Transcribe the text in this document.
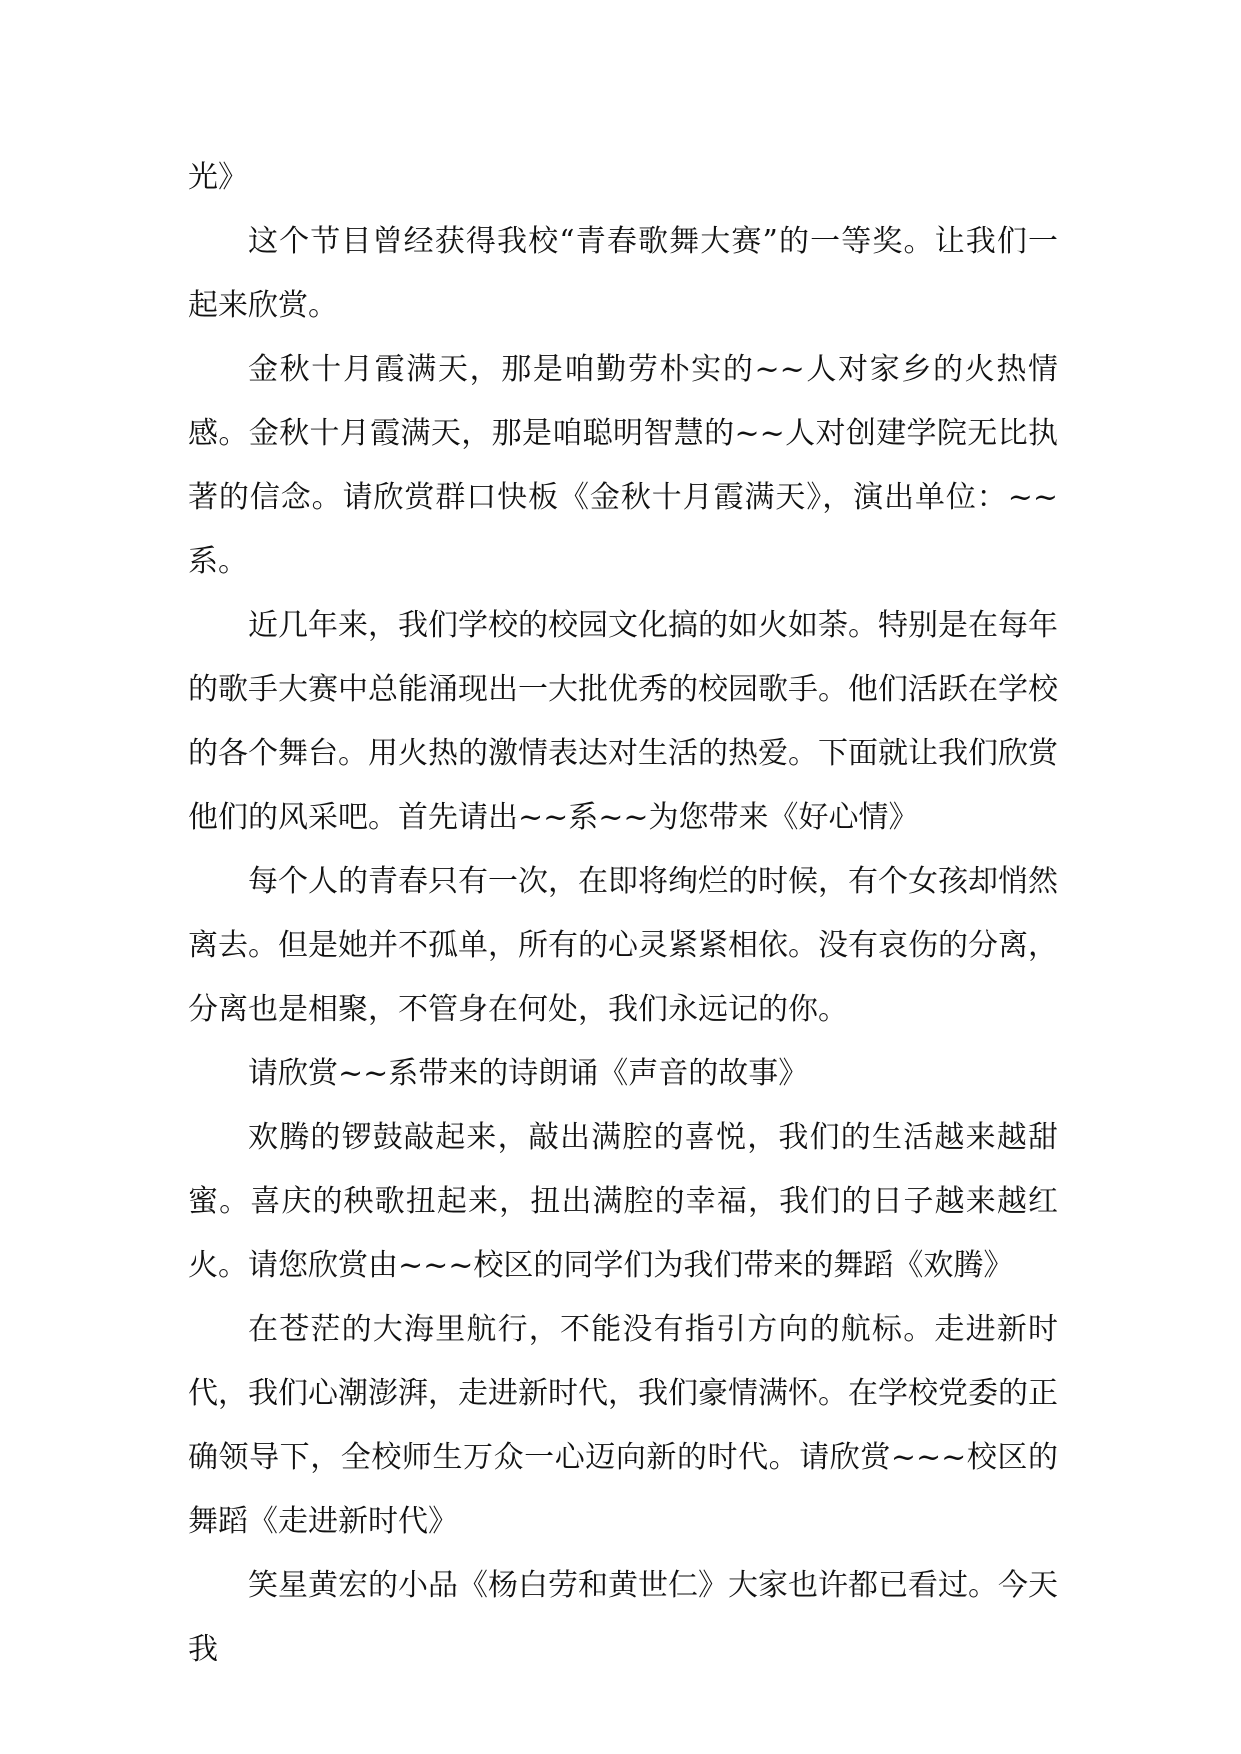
光》

这个节目曾经获得我校“青春歌舞大赛”的一等奖。让我们一起来欣赏。

金秋十月霞满天，那是咱勤劳朴实的~~人对家乡的火热情感。金秋十月霞满天，那是咱聪明智慧的~~人对创建学院无比执著的信念。请欣赏群口快板《金秋十月霞满天》，演出单位：~~系。

近几年来，我们学校的校园文化搞的如火如荼。特别是在每年的歌手大赛中总能涌现出一大批优秀的校园歌手。他们活跃在学校的各个舞台。用火热的激情表达对生活的热爱。下面就让我们欣赏他们的风采吧。首先请出~~系~~为您带来《好心情》

每个人的青春只有一次，在即将绚烂的时候，有个女孩却悄然离去。但是她并不孤单，所有的心灵紧紧相依。没有哀伤的分离，分离也是相聚，不管身在何处，我们永远记的你。

请欣赏~~系带来的诗朗诵《声音的故事》

欢腾的锣鼓敲起来，敲出满腔的喜悦，我们的生活越来越甜蜜。喜庆的秧歌扭起来，扭出满腔的幸福，我们的日子越来越红火。请您欣赏由~~~校区的同学们为我们带来的舞蹈《欢腾》

在苍茫的大海里航行，不能没有指引方向的航标。走进新时代，我们心潮澎湃，走进新时代，我们豪情满怀。在学校党委的正确领导下，全校师生万众一心迈向新的时代。请欣赏~~~校区的舞蹈《走进新时代》

笑星黄宏的小品《杨白劳和黄世仁》大家也许都已看过。今天我
